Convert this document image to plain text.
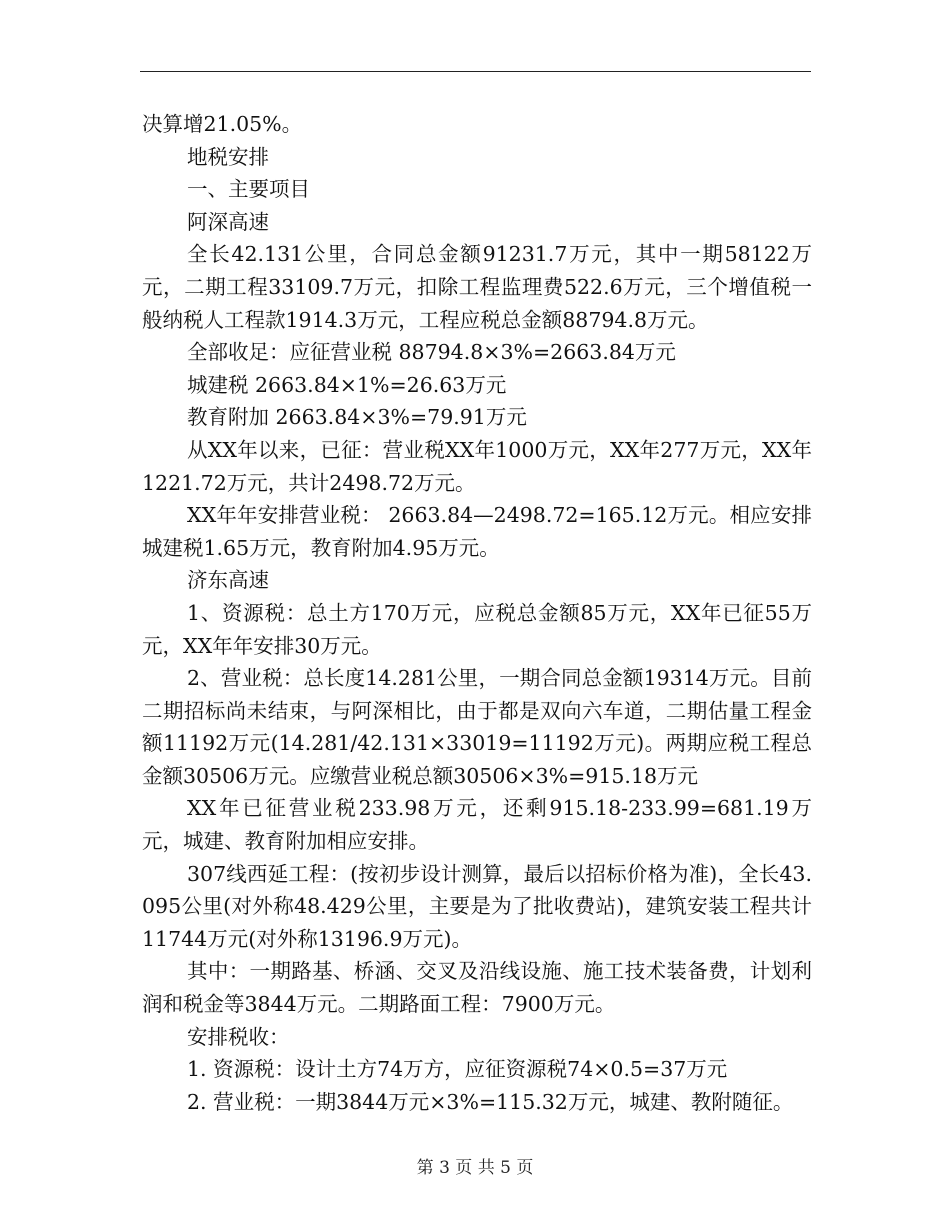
决算增21.05%。

地税安排

一、主要项目

阿深高速

全长42.131公里，合同总金额91231.7万元，其中一期58122万元，二期工程33109.7万元，扣除工程监理费522.6万元，三个增值税一般纳税人工程款1914.3万元，工程应税总金额88794.8万元。

全部收足：应征营业税 88794.8×3%=2663.84万元

城建税 2663.84×1%=26.63万元

教育附加 2663.84×3%=79.91万元

从XX年以来，已征：营业税XX年1000万元，XX年277万元，XX年1221.72万元，共计2498.72万元。

XX年年安排营业税： 2663.84—2498.72=165.12万元。相应安排城建税1.65万元，教育附加4.95万元。

济东高速

1、资源税：总土方170万元，应税总金额85万元，XX年已征55万元，XX年年安排30万元。

2、营业税：总长度14.281公里，一期合同总金额19314万元。目前二期招标尚未结束，与阿深相比，由于都是双向六车道，二期估量工程金额11192万元(14.281/42.131×33019=11192万元)。两期应税工程总金额30506万元。应缴营业税总额30506×3%=915.18万元

XX年已征营业税233.98万元，还剩915.18-233.99=681.19万元，城建、教育附加相应安排。

307线西延工程：(按初步设计测算，最后以招标价格为准)，全长43.095公里(对外称48.429公里，主要是为了批收费站)，建筑安装工程共计11744万元(对外称13196.9万元)。

其中：一期路基、桥涵、交叉及沿线设施、施工技术装备费，计划利润和税金等3844万元。二期路面工程：7900万元。

安排税收：

1. 资源税：设计土方74万方，应征资源税74×0.5=37万元

2. 营业税：一期3844万元×3%=115.32万元，城建、教附随征。

第 3 页 共 5 页
